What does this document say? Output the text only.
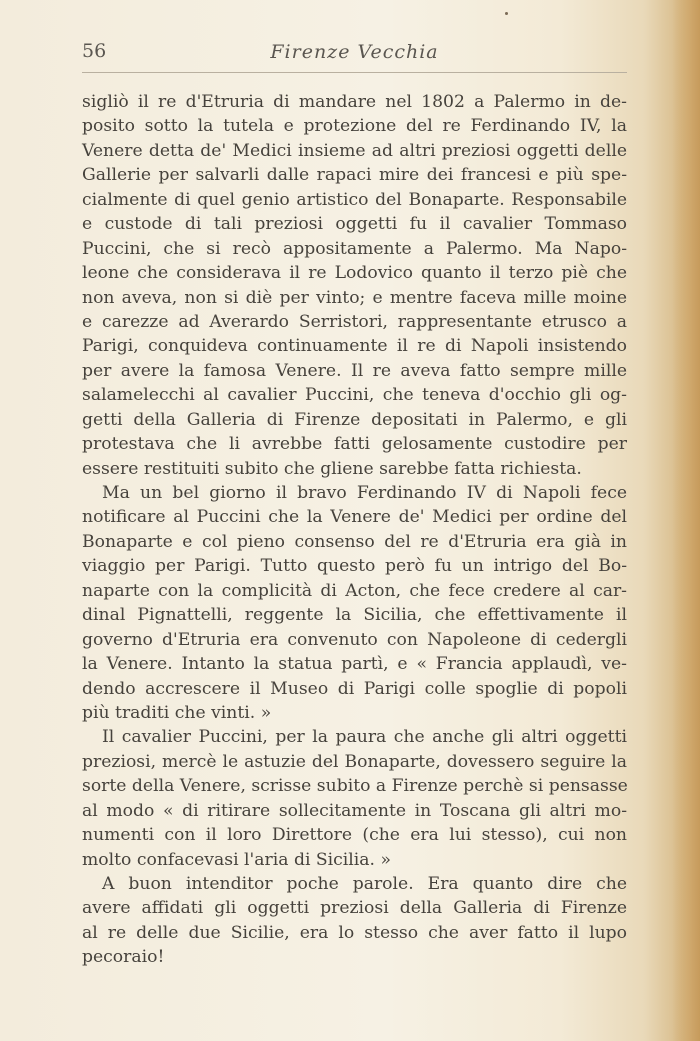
56	Firenze Vecchia
sigliò il re d'Etruria di mandare nel 1802 a Palermo in de-
posito sotto la tutela e protezione del re Ferdinando IV, la
Venere detta de' Medici insieme ad altri preziosi oggetti delle
Gallerie per salvarli dalle rapaci mire dei francesi e più spe-
cialmente di quel genio artistico del Bonaparte. Responsabile
e custode di tali preziosi oggetti fu il cavalier Tommaso
Puccini, che si recò appositamente a Palermo. Ma Napo-
leone che considerava il re Lodovico quanto il terzo piè che
non aveva, non si diè per vinto; e mentre faceva mille moine
e carezze ad Averardo Serristori, rappresentante etrusco a
Parigi, conquideva continuamente il re di Napoli insistendo
per avere la famosa Venere. Il re aveva fatto sempre mille
salamelecchi al cavalier Puccini, che teneva d'occhio gli og-
getti della Galleria di Firenze depositati in Palermo, e gli
protestava che li avrebbe fatti gelosamente custodire per
essere restituiti subito che gliene sarebbe fatta richiesta.
Ma un bel giorno il bravo Ferdinando IV di Napoli fece
notificare al Puccini che la Venere de' Medici per ordine del
Bonaparte e col pieno consenso del re d'Etruria era già in
viaggio per Parigi. Tutto questo però fu un intrigo del Bo-
naparte con la complicità di Acton, che fece credere al car-
dinal Pignattelli, reggente la Sicilia, che effettivamente il
governo d'Etruria era convenuto con Napoleone di cedergli
la Venere. Intanto la statua partì, e « Francia applaudì, ve-
dendo accrescere il Museo di Parigi colle spoglie di popoli
più traditi che vinti. »
Il cavalier Puccini, per la paura che anche gli altri oggetti
preziosi, mercè le astuzie del Bonaparte, dovessero seguire la
sorte della Venere, scrisse subito a Firenze perchè si pensasse
al modo « di ritirare sollecitamente in Toscana gli altri mo-
numenti con il loro Direttore (che era lui stesso), cui non
molto confacevasi l'aria di Sicilia. »
A buon intenditor poche parole. Era quanto dire che
avere affidati gli oggetti preziosi della Galleria di Firenze
al re delle due Sicilie, era lo stesso che aver fatto il lupo
pecoraio!
